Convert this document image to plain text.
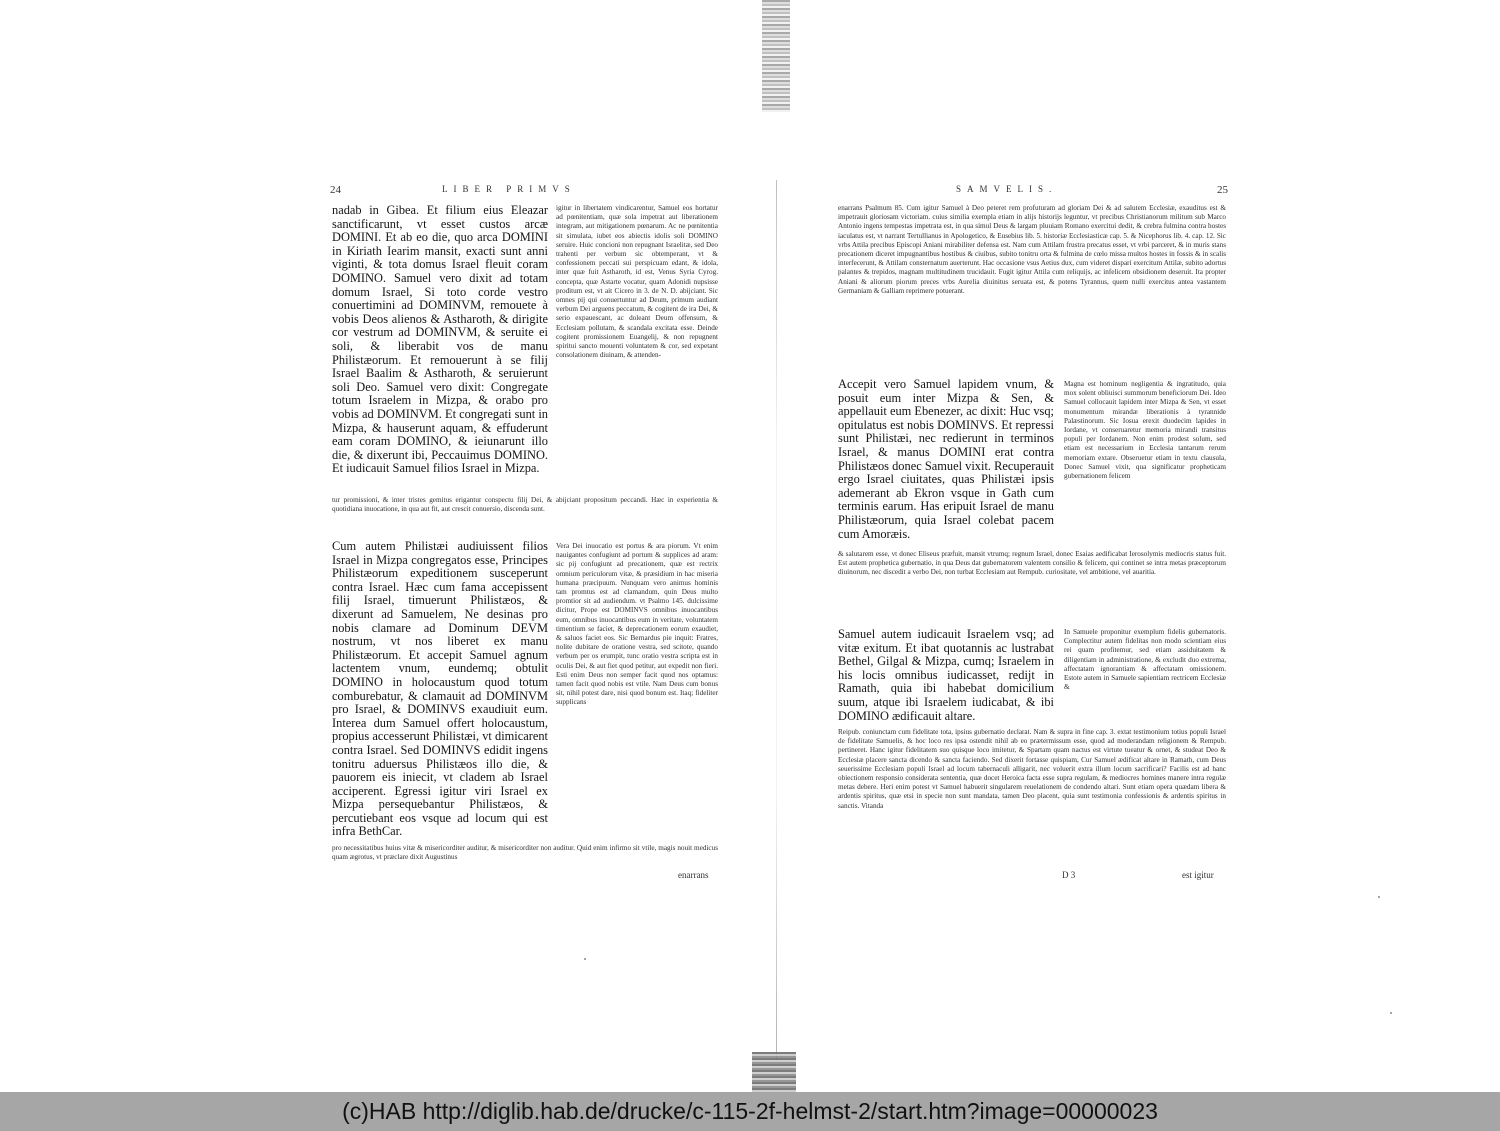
24	LIBER PRIMVS

nadab in Gibea. Et filium eius Eleazar sanctificarunt, vt esset custos arcæ DOMINI. Et ab eo die, quo arca DOMINI in Kiriath Iearim mansit, exacti sunt anni viginti, & tota domus Israel fleuit coram DOMINO. Samuel vero dixit ad totam domum Israel, Si toto corde vestro conuertimini ad DOMINVM, remouete à vobis Deos alienos & Astharoth, & dirigite cor vestrum ad DOMINVM, & seruite ei soli, & liberabit vos de manu Philistæorum. Et remouerunt à se filij Israel Baalim & Astharoth, & seruierunt soli Deo. Samuel vero dixit: Congregate totum Israelem in Mizpa, & orabo pro vobis ad DOMINVM. Et congregati sunt in Mizpa, & hauserunt aquam, & effuderunt eam coram DOMINO, & ieiunarunt illo die, & dixerunt ibi, Peccauimus DOMINO. Et iudicauit Samuel filios Israel in Mizpa.

igitur in libertatem vindicarentur, Samuel eos hortatur ad pœnitentiam, quæ sola impetrat aut liberationem integram, aut mitigationem pœnarum. Ac ne pœnitentia sit simulata, iubet eos abiectis idolis soli DOMINO seruire. Huic concioni non repugnant Israelitæ, sed Deo trahenti per verbum sic obtemperant, vt & confessionem peccati sui perspicuam edant, & idola, inter quæ fuit Astharoth, id est, Venus Syria Cyrog. concepta, quæ Astarte vocatur, quam Adonidi nupsisse proditum est, vt ait Cicero in 3. de N. D. abijciant. Sic omnes pij qui conuertuntur ad Deum, primum audiant verbum Dei arguens peccatum, & cogitent de ira Dei, & serio expauescant, ac doleant Deum offensum, & Ecclesiam pollutam, & scandala excitata esse. Deinde cogitent promissionem Euangelij, & non repugnent spiritui sancto mouenti voluntatem & cor, sed expetant consolationem diuinam, & attenden-

tur promissioni, & inter tristes gemitus erigantur conspectu filij Dei, & abijciant propositum peccandi. Hæc in experientia & quotidiana inuocatione, in qua aut fit, aut crescit conuersio, discenda sunt.

Cum autem Philistæi audiuissent filios Israel in Mizpa congregatos esse, Principes Philistæorum expeditionem susceperunt contra Israel. Hæc cum fama accepissent filij Israel, timuerunt Philistæos, & dixerunt ad Samuelem, Ne desinas pro nobis clamare ad Dominum DEVM nostrum, vt nos liberet ex manu Philistæorum. Et accepit Samuel agnum lactentem vnum, eundemq; obtulit DOMINO in holocaustum quod totum comburebatur, & clamauit ad DOMINVM pro Israel, & DOMINVS exaudiuit eum. Interea dum Samuel offert holocaustum, propius accesserunt Philistæi, vt dimicarent contra Israel. Sed DOMINVS edidit ingens tonitru aduersus Philistæos illo die, & pauorem eis iniecit, vt cladem ab Israel acciperent. Egressi igitur viri Israel ex Mizpa persequebantur Philistæos, & percutiebant eos vsque ad locum qui est infra BethCar.

Vera Dei inuocatio est portus & ara piorum. Vt enim nauigantes confugiunt ad portum & supplices ad aram: sic pij confugiunt ad precationem, quæ est rectrix omnium periculorum vitæ, & præsidium in hac miseria humana præcipuum. Nunquam vero animus hominis tam promtus est ad clamandum, quin Deus multo promtior sit ad audiendum. vt Psalmo 145. dulcissime dicitur, Prope est DOMINVS omnibus inuocantibus eum, omnibus inuocantibus eum in veritate, voluntatem timentium se faciet, & deprecationem eorum exaudiet, & saluos faciet eos. Sic Bernardus pie inquit: Fratres, nolite dubitare de oratione vestra, sed scitote, quando verbum per os erumpit, tunc oratio vestra scripta est in oculis Dei, & aut fiet quod petitur, aut expedit non fieri. Esti enim Deus non semper facit quod nos optamus: tamen facit quod nobis est vtile. Nam Deus cum bonus sit, nihil potest dare, nisi quod bonum est. Itaq; fideliter supplicans

pro necessitatibus huius vitæ & misericorditer auditur, & misericorditer non auditur. Quid enim infirmo sit vtile, magis nouit medicus quam ægrotus, vt præclare dixit Augustinus

enarrans
SAMVELIS.	25

enarrans Psalmum 85. Cum igitur Samuel à Deo peteret rem profuturam ad gloriam Dei & ad salutem Ecclesiæ, exauditus est & impetrauit gloriosam victoriam. cuius similia exempla etiam in alijs historijs leguntur, vt precibus Christianorum militum sub Marco Antonio ingens tempestas impetrata est, in qua simul Deus & largam pluuiam Romano exercitui dedit, & crebra fulmina contra hostes iaculatus est, vt narrant Tertullianus in Apologetico, & Eusebius lib. 5. historiæ Ecclesiasticæ cap. 5. & Nicephorus lib. 4. cap. 12. Sic vrbs Attila precibus Episcopi Aniani mirabiliter defensa est. Nam cum Attilam frustra precatus esset, vt vrbi parceret, & in muris stans precationem diceret impugnantibus hostibus & ciuibus, subito tonitru orta & fulmina de cœlo missa multos hostes in fossis & in scalis interfecerunt, & Attilam consternatum auerterunt. Hac occasione vsus Aetius dux, cum videret dispari exercitum Attilæ, subito adortus palantes & trepidos, magnam multitudinem trucidauit. Fugit igitur Attila cum reliquijs, ac infelicem obsidionem deseruit. Ita propter Aniani & aliorum piorum preces vrbs Aurelia diuinitus seruata est, & potens Tyrannus, quem nulli exercitus antea vastantem Germaniam & Galliam reprimere potuerant.

Accepit vero Samuel lapidem vnum, & posuit eum inter Mizpa & Sen, & appellauit eum Ebenezer, ac dixit: Huc vsq; opitulatus est nobis DOMINVS. Et repressi sunt Philistæi, nec redierunt in terminos Israel, & manus DOMINI erat contra Philistæos donec Samuel vixit. Recuperauit ergo Israel ciuitates, quas Philistæi ipsis ademerant ab Ekron vsque in Gath cum terminis earum. Has eripuit Israel de manu Philistæorum, quia Israel colebat pacem cum Amoræis.

Magna est hominum negligentia & ingratitudo, quia mox solent obliuisci summorum beneficiorum Dei. Ideo Samuel collocauit lapidem inter Mizpa & Sen, vt esset monumentum mirandæ liberationis à tyrannide Palæstinorum. Sic Iosua erexit duodecim lapides in Iordane, vt conseruaretur memoria mirandi transitus populi per Iordanem. Non enim prodest solum, sed etiam est necessarium in Ecclesia tantarum rerum memoriam extare. Obseruetur etiam in textu clausula, Donec Samuel vixit, qua significatur propheticam gubernationem felicem

& salutarem esse, vt donec Eliseus præfuit, mansit vtrumq; regnum Israel, donec Esaias aedificabat Ierosolymis mediocris status fuit. Est autem prophetica gubernatio, in qua Deus dat gubernatorem valentem consilio & felicem, qui continet se intra metas præceptorum diuinorum, nec discedit a verbo Dei, non turbat Ecclesiam aut Rempub. curiositate, vel ambitione, vel auaritia.

Samuel autem iudicauit Israelem vsq; ad vitæ exitum. Et ibat quotannis ac lustrabat Bethel, Gilgal & Mizpa, cumq; Israelem in his locis omnibus iudicasset, redijt in Ramath, quia ibi habebat domicilium suum, atque ibi Israelem iudicabat, & ibi DOMINO ædificauit altare.

In Samuele proponitur exemplum fidelis gubernatoris. Complectitur autem fidelitas non modo scientiam eius rei quam profitemur, sed etiam assiduitatem & diligentiam in administratione, & excludit duo extrema, affectatam ignorantiam & affectatam omissionem. Estote autem in Samuele sapientiam rectricem Ecclesiæ &

Reipub. coniunctam cum fidelitate tota, ipsius gubernatio declarat. Nam & supra in fine cap. 3. extat testimonium totius populi Israel de fidelitate Samuelis, & hoc loco res ipsa ostendit nihil ab eo prætermissum esse, quod ad moderandam religionem & Rempub. pertineret. Hanc igitur fidelitatem suo quisque loco imitetur, & Spartam quam nactus est virtute tueatur & ornet, & studeat Deo & Ecclesiæ placere sancta dicendo & sancta faciendo. Sed dixerit fortasse quispiam, Cur Samuel ædificat altare in Ramath, cum Deus seuerissime Ecclesiam populi Israel ad locum tabernaculi alligarit, nec voluerit extra illum locum sacrificari? Facilis est ad hanc obiectionem responsio considerata sententia, quæ docet Heroica facta esse supra regulam, & mediocres homines manere intra regulæ metas debere. Heri enim potest vt Samuel habuerit singularem reuelationem de condendo altari. Sunt etiam opera quædam libera & ardentis spiritus, quæ etsi in specie non sunt mandata, tamen Deo placent, quia sunt testimonia confessionis & ardentis spiritus in sanctis. Vitanda

D 3	est igitur
(c)HAB http://diglib.hab.de/drucke/c-115-2f-helmst-2/start.htm?image=00000023
